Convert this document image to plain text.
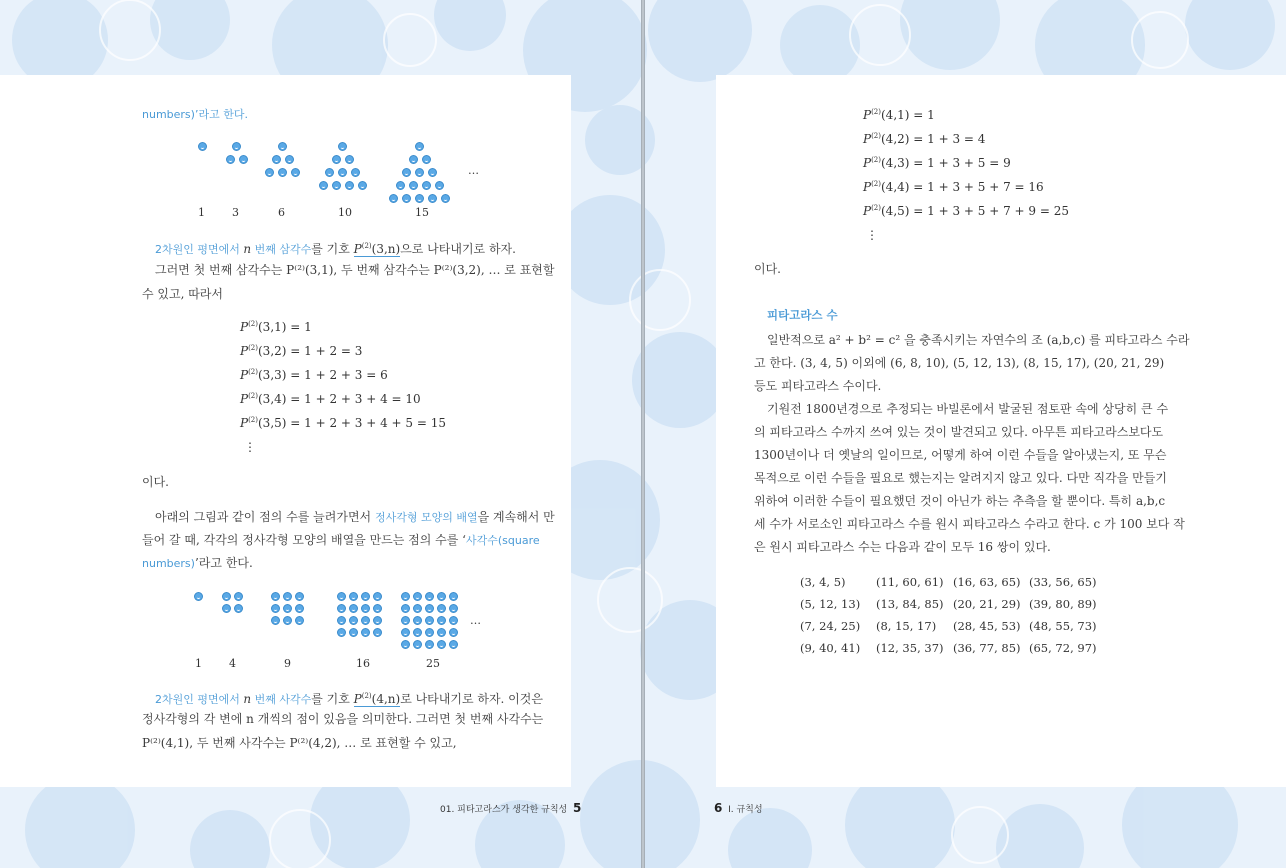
numbers)’라고 한다.
…
2차원인 평면에서 n 번째 삼각수를 기호 $P^{(2)}(3,n)$으로 나타내기로 하자.
그러면 첫 번째 삼각수는 P⁽²⁾(3,1), 두 번째 삼각수는 P⁽²⁾(3,2), … 로 표현할
수 있고, 따라서
⋮
이다.
아래의 그림과 같이 점의 수를 늘려가면서 정사각형 모양의 배열을 계속해서 만
들어 갈 때, 각각의 정사각형 모양의 배열을 만드는 점의 수를 ‘사각수(square
numbers)’라고 한다.
…
2차원인 평면에서 n 번째 사각수를 기호 $P^{(2)}(4,n)$로 나타내기로 하자. 이것은
정사각형의 각 변에 n 개씩의 점이 있음을 의미한다. 그러면 첫 번째 사각수는
P⁽²⁾(4,1), 두 번째 사각수는 P⁽²⁾(4,2), … 로 표현할 수 있고,
01. 피타고라스가 생각한 규칙성 5
⋮
이다.
피타고라스 수
6 I. 규칙성
1 3	6	10	15
1 4	9	16	25
$P^{(2)}(3,1) = 1$
$P^{(2)}(3,2) = 1 + 2 = 3$
$P^{(2)}(3,3) = 1 + 2 + 3 = 6$
$P^{(2)}(3,4) = 1 + 2 + 3 + 4 = 10$
$P^{(2)}(3,5) = 1 + 2 + 3 + 4 + 5 = 15$
$P^{(2)}(4,1) = 1$
$P^{(2)}(4,2) = 1 + 3 = 4$
$P^{(2)}(4,3) = 1 + 3 + 5 = 9$
$P^{(2)}(4,4) = 1 + 3 + 5 + 7 = 16$
$P^{(2)}(4,5) = 1 + 3 + 5 + 7 + 9 = 25$
일반적으로 a² + b² = c² 을 충족시키는 자연수의 조 (a,b,c) 를 피타고라스 수라
고 한다. (3, 4, 5) 이외에 (6, 8, 10), (5, 12, 13), (8, 15, 17), (20, 21, 29)
등도 피타고라스 수이다.
기원전 1800년경으로 추정되는 바빌론에서 발굴된 점토판 속에 상당히 큰 수
의 피타고라스 수까지 쓰여 있는 것이 발견되고 있다. 아무튼 피타고라스보다도
1300년이나 더 옛날의 일이므로, 어떻게 하여 이런 수들을 알아냈는지, 또 무슨
목적으로 이런 수들을 필요로 했는지는 알려지지 않고 있다. 다만 직각을 만들기
위하여 이러한 수들이 필요했던 것이 아닌가 하는 추측을 할 뿐이다. 특히 a,b,c
세 수가 서로소인 피타고라스 수를 원시 피타고라스 수라고 한다. c 가 100 보다 작
은 원시 피타고라스 수는 다음과 같이 모두 16 쌍이 있다.
(3, 4, 5)	(11, 60, 61) (16, 63, 65) (33, 56, 65)
(5, 12, 13) (13, 84, 85) (20, 21, 29) (39, 80, 89)
(7, 24, 25) (8, 15, 17) (28, 45, 53) (48, 55, 73)
(9, 40, 41) (12, 35, 37) (36, 77, 85) (65, 72, 97)
